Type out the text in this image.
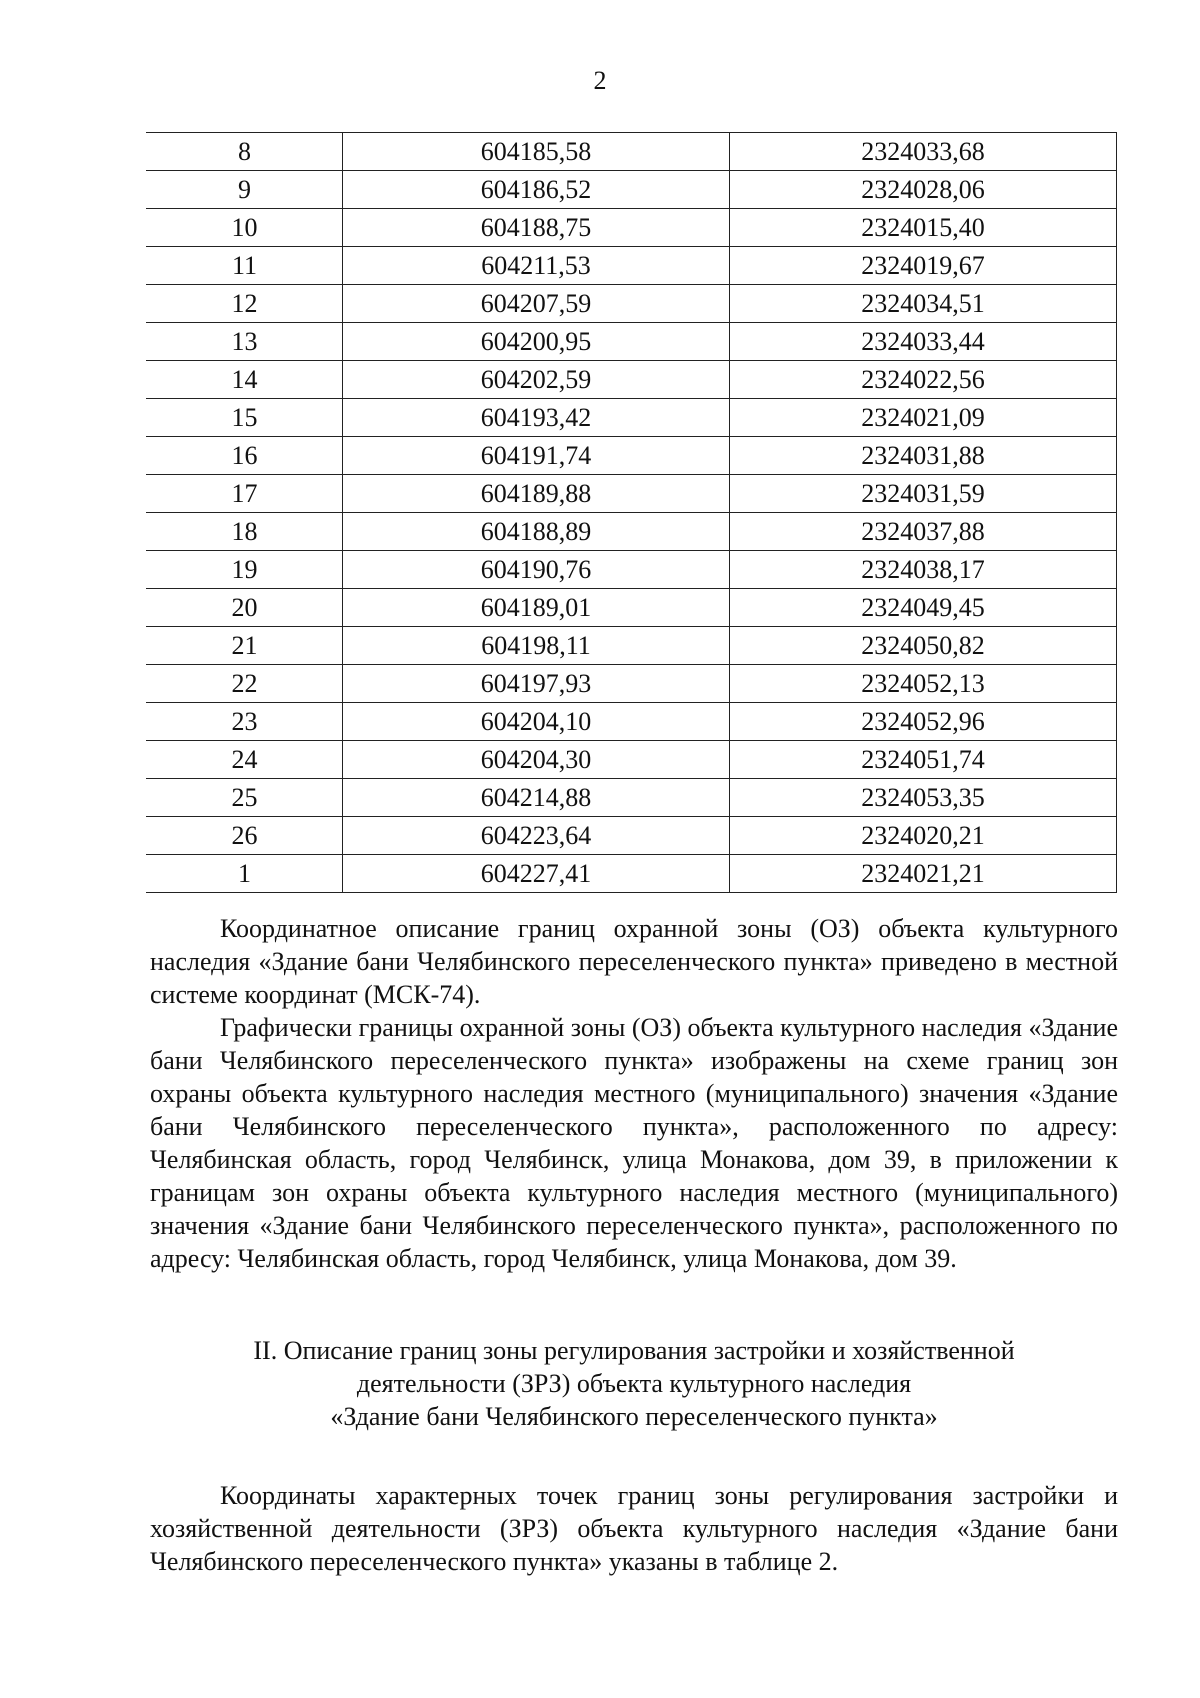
2
8	604185,58	2324033,68
9	604186,52	2324028,06
10	604188,75	2324015,40
11	604211,53	2324019,67
12	604207,59	2324034,51
13	604200,95	2324033,44
14	604202,59	2324022,56
15	604193,42	2324021,09
16	604191,74	2324031,88
17	604189,88	2324031,59
18	604188,89	2324037,88
19	604190,76	2324038,17
20	604189,01	2324049,45
21	604198,11	2324050,82
22	604197,93	2324052,13
23	604204,10	2324052,96
24	604204,30	2324051,74
25	604214,88	2324053,35
26	604223,64	2324020,21
1	604227,41	2324021,21

Координатное описание границ охранной зоны (ОЗ) объекта культурного наследия «Здание бани Челябинского переселенческого пункта» приведено в местной системе координат (МСК-74).

Графически границы охранной зоны (ОЗ) объекта культурного наследия «Здание бани Челябинского переселенческого пункта» изображены на схеме границ зон охраны объекта культурного наследия местного (муниципального) значения «Здание бани Челябинского переселенческого пункта», расположенного по адресу: Челябинская область, город Челябинск, улица Монакова, дом 39, в приложении к границам зон охраны объекта культурного наследия местного (муниципального) значения «Здание бани Челябинского переселенческого пункта», расположенного по адресу: Челябинская область, город Челябинск, улица Монакова, дом 39.

II. Описание границ зоны регулирования застройки и хозяйственной
деятельности (ЗРЗ) объекта культурного наследия
«Здание бани Челябинского переселенческого пункта»

Координаты характерных точек границ зоны регулирования застройки и хозяйственной деятельности (ЗРЗ) объекта культурного наследия «Здание бани Челябинского переселенческого пункта» указаны в таблице 2.
